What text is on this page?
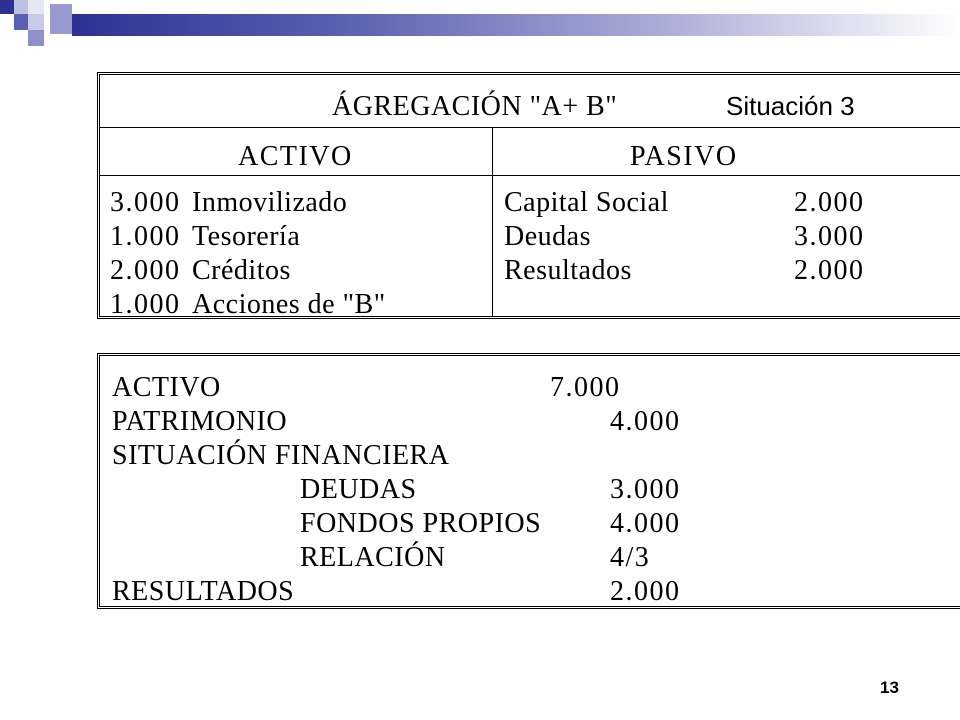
ÁGREGACIÓN "A+ B"	Situación 3
ACTIVO	PASIVO
3.000 Inmovilizado
1.000 Tesorería
2.000 Créditos
1.000 Acciones de "B"
Capital Social	2.000
Deudas	3.000
Resultados	2.000
ACTIVO	7.000
PATRIMONIO	4.000
SITUACIÓN FINANCIERA
DEUDAS	3.000
FONDOS PROPIOS 4.000
RELACIÓN	4/3
RESULTADOS	2.000
13
